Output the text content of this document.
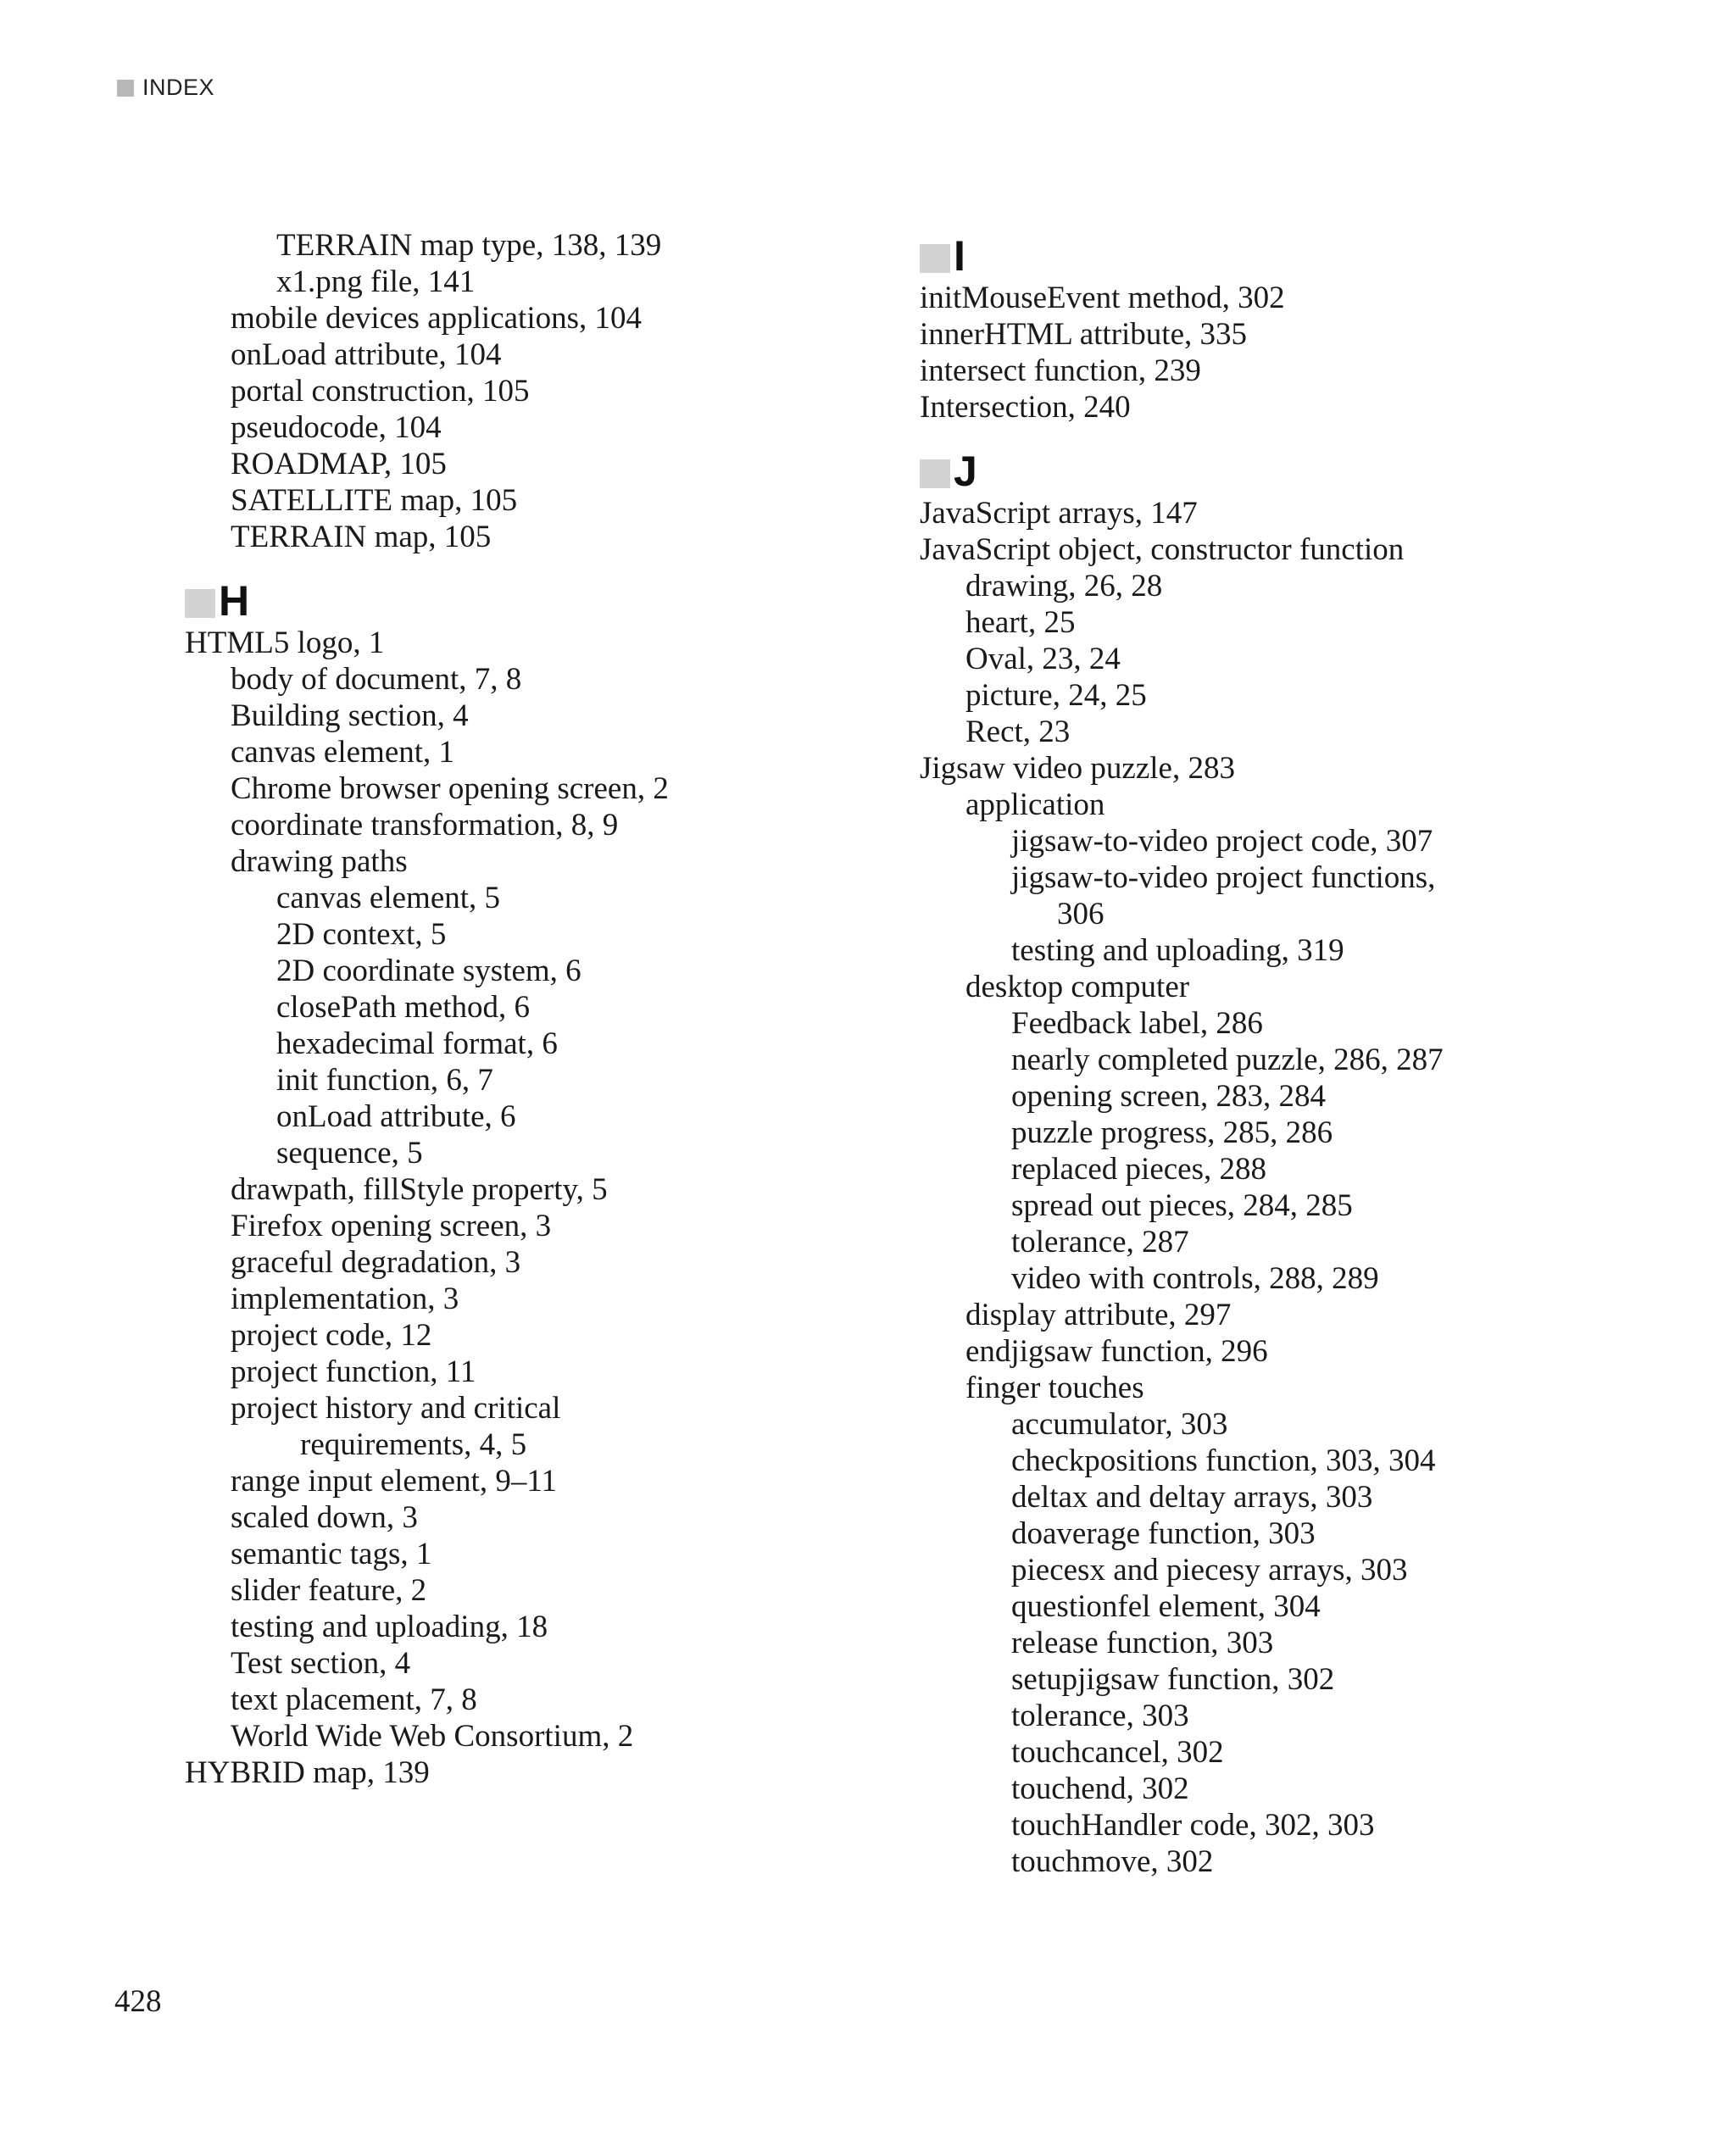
INDEX
TERRAIN map type, 138, 139
x1.png file, 141
mobile devices applications, 104
onLoad attribute, 104
portal construction, 105
pseudocode, 104
ROADMAP, 105
SATELLITE map, 105
TERRAIN map, 105
H
HTML5 logo, 1
body of document, 7, 8
Building section, 4
canvas element, 1
Chrome browser opening screen, 2
coordinate transformation, 8, 9
drawing paths
canvas element, 5
2D context, 5
2D coordinate system, 6
closePath method, 6
hexadecimal format, 6
init function, 6, 7
onLoad attribute, 6
sequence, 5
drawpath, fillStyle property, 5
Firefox opening screen, 3
graceful degradation, 3
implementation, 3
project code, 12
project function, 11
project history and critical
requirements, 4, 5
range input element, 9–11
scaled down, 3
semantic tags, 1
slider feature, 2
testing and uploading, 18
Test section, 4
text placement, 7, 8
World Wide Web Consortium, 2
HYBRID map, 139
I
initMouseEvent method, 302
innerHTML attribute, 335
intersect function, 239
Intersection, 240
J
JavaScript arrays, 147
JavaScript object, constructor function
drawing, 26, 28
heart, 25
Oval, 23, 24
picture, 24, 25
Rect, 23
Jigsaw video puzzle, 283
application
jigsaw-to-video project code, 307
jigsaw-to-video project functions,
306
testing and uploading, 319
desktop computer
Feedback label, 286
nearly completed puzzle, 286, 287
opening screen, 283, 284
puzzle progress, 285, 286
replaced pieces, 288
spread out pieces, 284, 285
tolerance, 287
video with controls, 288, 289
display attribute, 297
endjigsaw function, 296
finger touches
accumulator, 303
checkpositions function, 303, 304
deltax and deltay arrays, 303
doaverage function, 303
piecesx and piecesy arrays, 303
questionfel element, 304
release function, 303
setupjigsaw function, 302
tolerance, 303
touchcancel, 302
touchend, 302
touchHandler code, 302, 303
touchmove, 302
428
